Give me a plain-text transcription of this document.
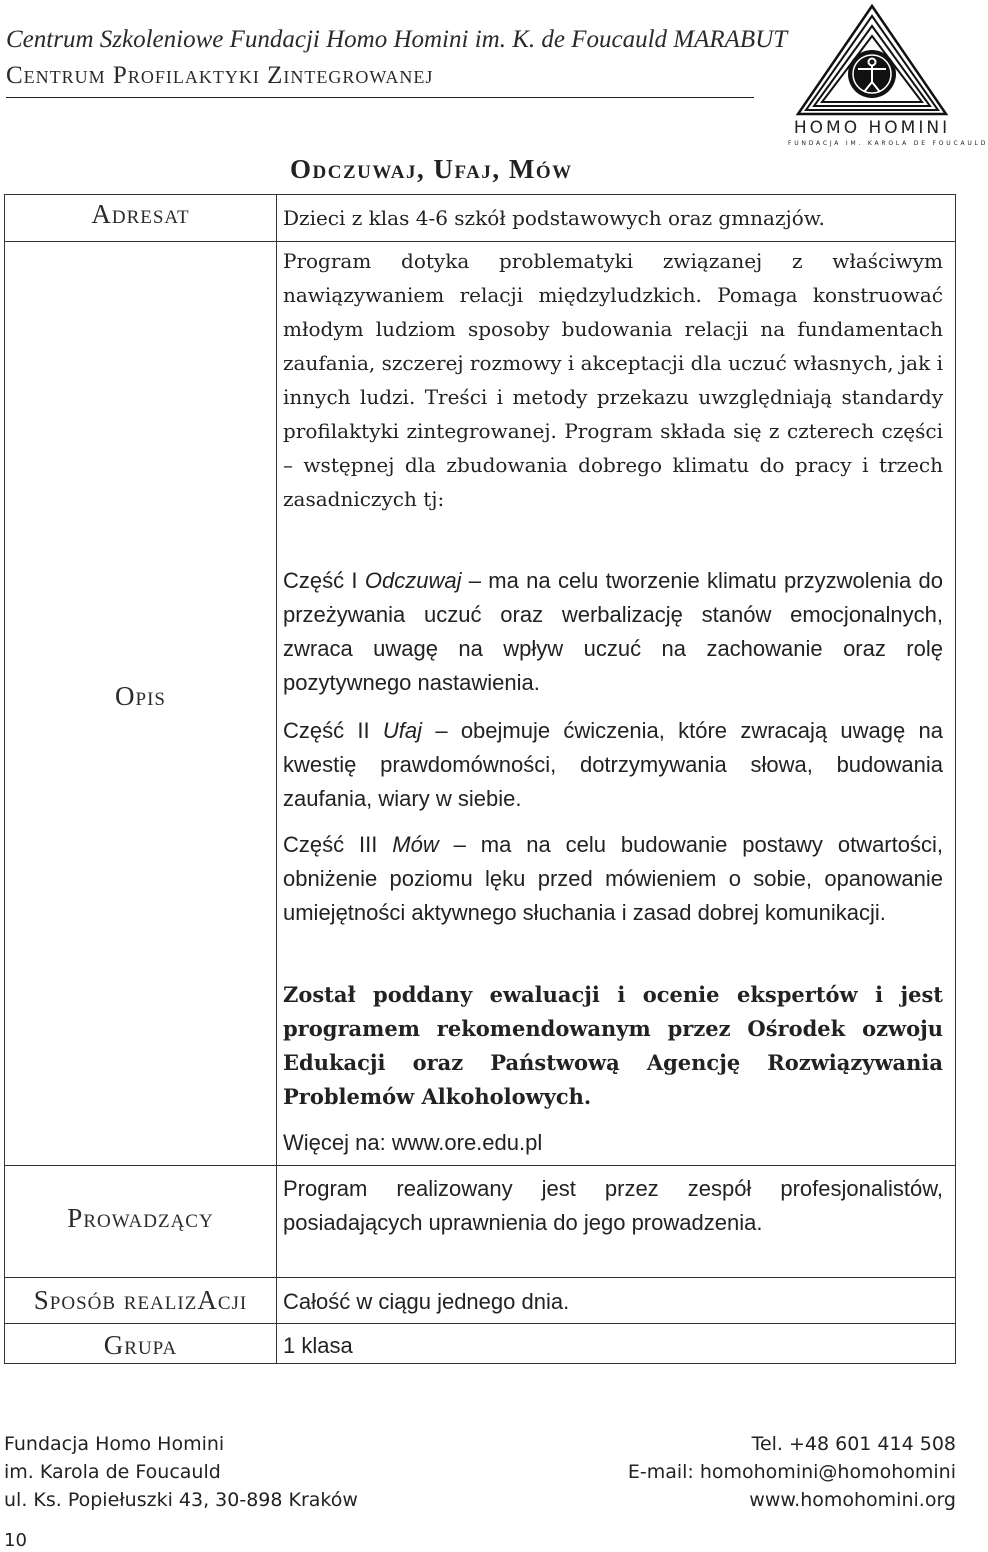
Centrum Szkoleniowe Fundacji Homo Homini im. K. de Foucauld MARABUT
Centrum Profilaktyki Zintegrowanej
HOMO HOMINI
FUNDACJA IM. KAROLA DE FOUCAULD
Odczuwaj, Ufaj, Mów
Adresat
Opis
Prowadzący
Sposób realizAcji
Grupa
Dzieci z klas 4-6 szkół podstawowych oraz gmnazjów.
Program dotyka problematyki związanej z właściwym nawiązywaniem relacji międzyludzkich. Pomaga konstruować młodym ludziom sposoby budowania relacji na fundamentach zaufania, szczerej rozmowy i akceptacji dla uczuć własnych, jak i innych ludzi. Treści i metody przekazu uwzględniają standardy profilaktyki zintegrowanej. Program składa się z czterech części – wstępnej dla zbudowania dobrego klimatu do pracy i trzech zasadniczych tj:
Część I Odczuwaj – ma na celu tworzenie klimatu przyzwolenia do przeżywania uczuć oraz werbalizację stanów emocjonalnych, zwraca uwagę na wpływ uczuć na zachowanie oraz rolę pozytywnego nastawienia.
Część II Ufaj – obejmuje ćwiczenia, które zwracają uwagę na kwestię prawdomówności, dotrzymywania słowa, budowania zaufania, wiary w siebie.
Część III Mów – ma na celu budowanie postawy otwartości, obniżenie poziomu lęku przed mówieniem o sobie, opanowanie umiejętności aktywnego słuchania i zasad dobrej komunikacji.
Został poddany ewaluacji i ocenie ekspertów i jest programem rekomendowanym przez Ośrodek ozwoju Edukacji oraz Państwową Agencję Rozwiązywania Problemów Alkoholowych.
Więcej na: www.ore.edu.pl
Program realizowany jest przez zespół profesjonalistów, posiadających uprawnienia do jego prowadzenia.
Całość w ciągu jednego dnia.
1 klasa
Fundacja Homo Homini
im. Karola de Foucauld
ul. Ks. Popiełuszki 43, 30-898 Kraków
Tel. +48 601 414 508
E-mail: homohomini@homohomini
www.homohomini.org
10
